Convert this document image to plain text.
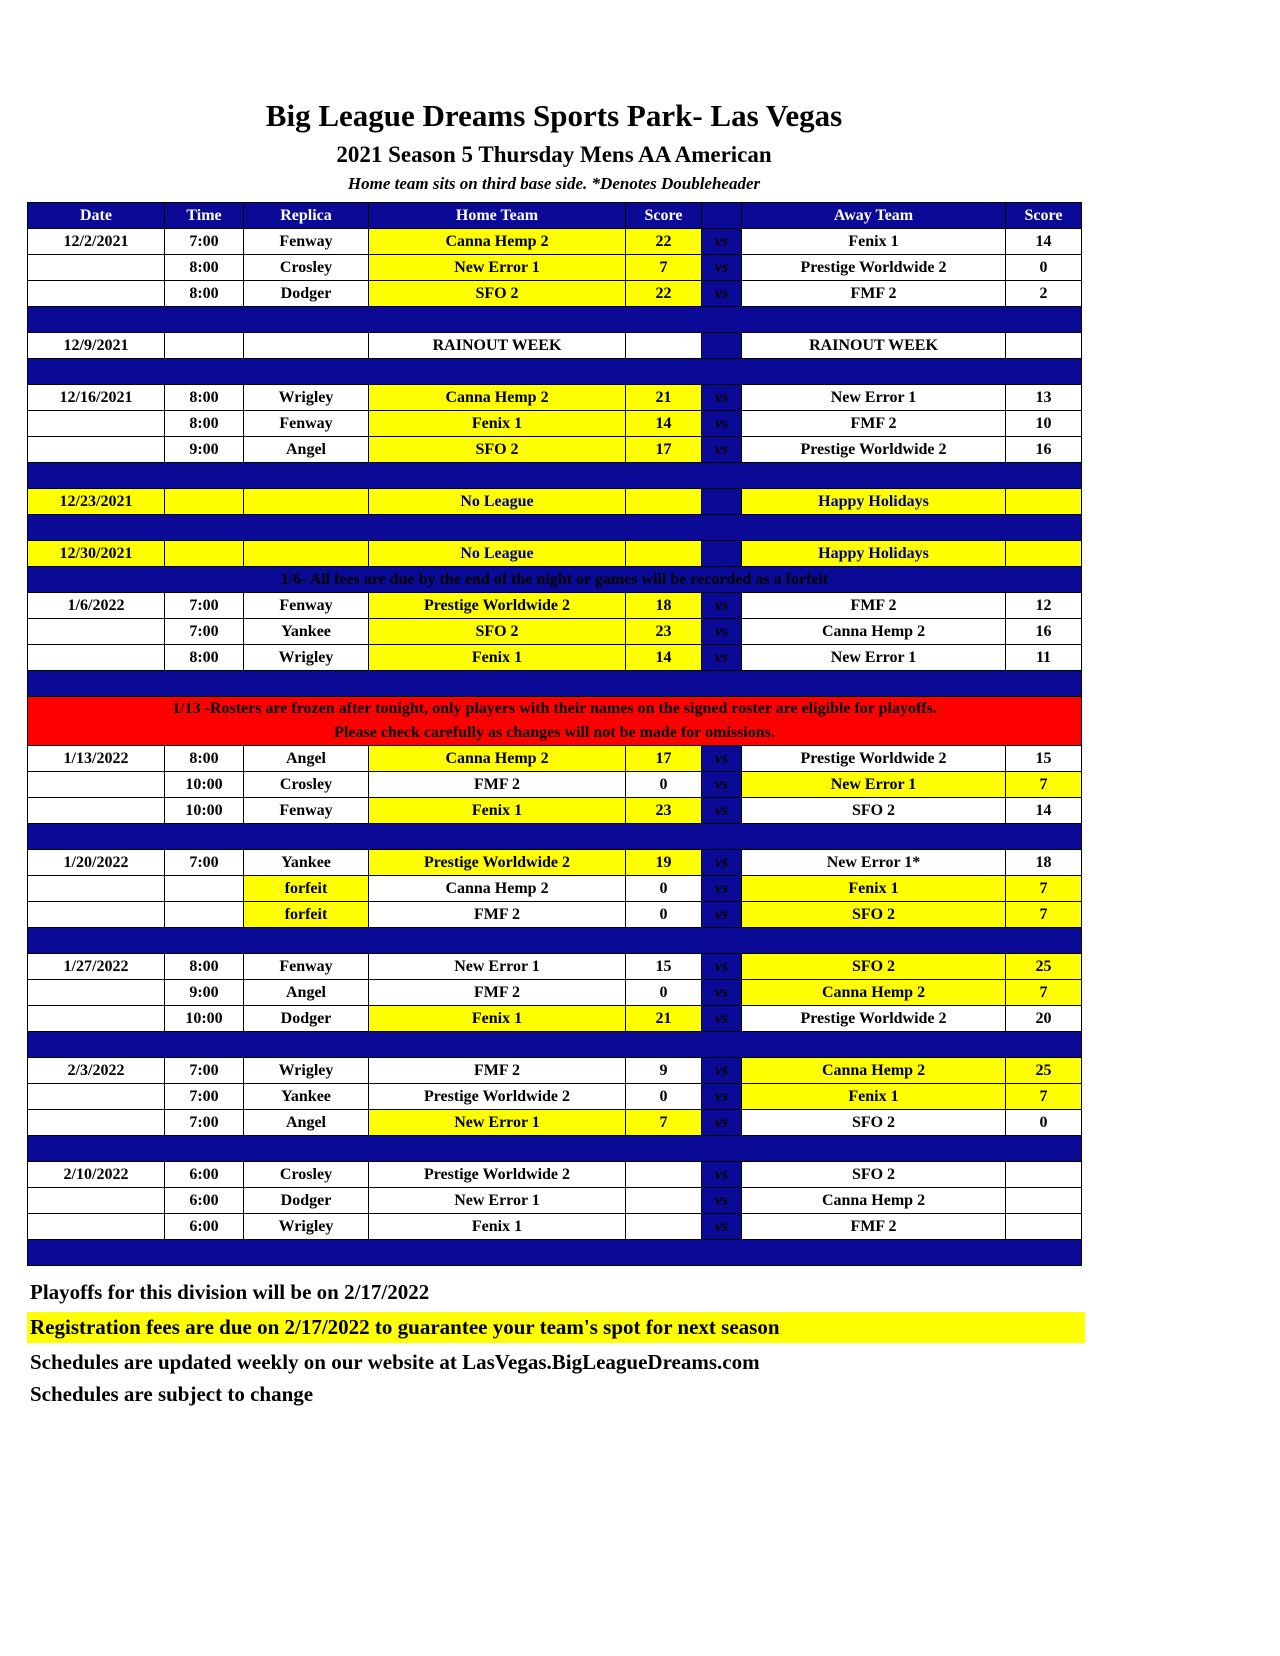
Big League Dreams Sports Park- Las Vegas
2021 Season 5 Thursday Mens AA American
Home team sits on third base side. *Denotes Doubleheader
Date	Time	Replica	Home Team	Score		Away Team	Score
12/2/2021	7:00	Fenway	Canna Hemp 2	22	vs	Fenix 1	14
	8:00	Crosley	New Error 1	7	vs	Prestige Worldwide 2	0
	8:00	Dodger	SFO 2	22	vs	FMF 2	2

12/9/2021			RAINOUT WEEK			RAINOUT WEEK	

12/16/2021	8:00	Wrigley	Canna Hemp 2	21	vs	New Error 1	13
	8:00	Fenway	Fenix 1	14	vs	FMF 2	10
	9:00	Angel	SFO 2	17	vs	Prestige Worldwide 2	16

12/23/2021			No League			Happy Holidays	

12/30/2021			No League			Happy Holidays	
1/6- All fees are due by the end of the night or games will be recorded as a forfeit							
1/6/2022	7:00	Fenway	Prestige Worldwide 2	18	vs	FMF 2	12
	7:00	Yankee	SFO 2	23	vs	Canna Hemp 2	16
	8:00	Wrigley	Fenix 1	14	vs	New Error 1	11

1/13 -Rosters are frozen after tonight, only players with their names on the signed roster are eligible for playoffs.
Please check carefully as changes will not be made for omissions.							

1/13/2022	8:00	Angel	Canna Hemp 2	17	vs	Prestige Worldwide 2	15
	10:00	Crosley	FMF 2	0	vs	New Error 1	7
	10:00	Fenway	Fenix 1	23	vs	SFO 2	14

1/20/2022	7:00	Yankee	Prestige Worldwide 2	19	vs	New Error 1*	18
		forfeit	Canna Hemp 2	0	vs	Fenix 1	7
		forfeit	FMF 2	0	vs	SFO 2	7

1/27/2022	8:00	Fenway	New Error 1	15	vs	SFO 2	25
	9:00	Angel	FMF 2	0	vs	Canna Hemp 2	7
	10:00	Dodger	Fenix 1	21	vs	Prestige Worldwide 2	20

2/3/2022	7:00	Wrigley	FMF 2	9	vs	Canna Hemp 2	25
	7:00	Yankee	Prestige Worldwide 2	0	vs	Fenix 1	7
	7:00	Angel	New Error 1	7	vs	SFO 2	0

2/10/2022	6:00	Crosley	Prestige Worldwide 2		vs	SFO 2	
	6:00	Dodger	New Error 1		vs	Canna Hemp 2	
	6:00	Wrigley	Fenix 1		vs	FMF 2	

Playoffs for this division will be on 2/17/2022
Registration fees are due on 2/17/2022 to guarantee your team's spot for next season
Schedules are updated weekly on our website at LasVegas.BigLeagueDreams.com
Schedules are subject to change
